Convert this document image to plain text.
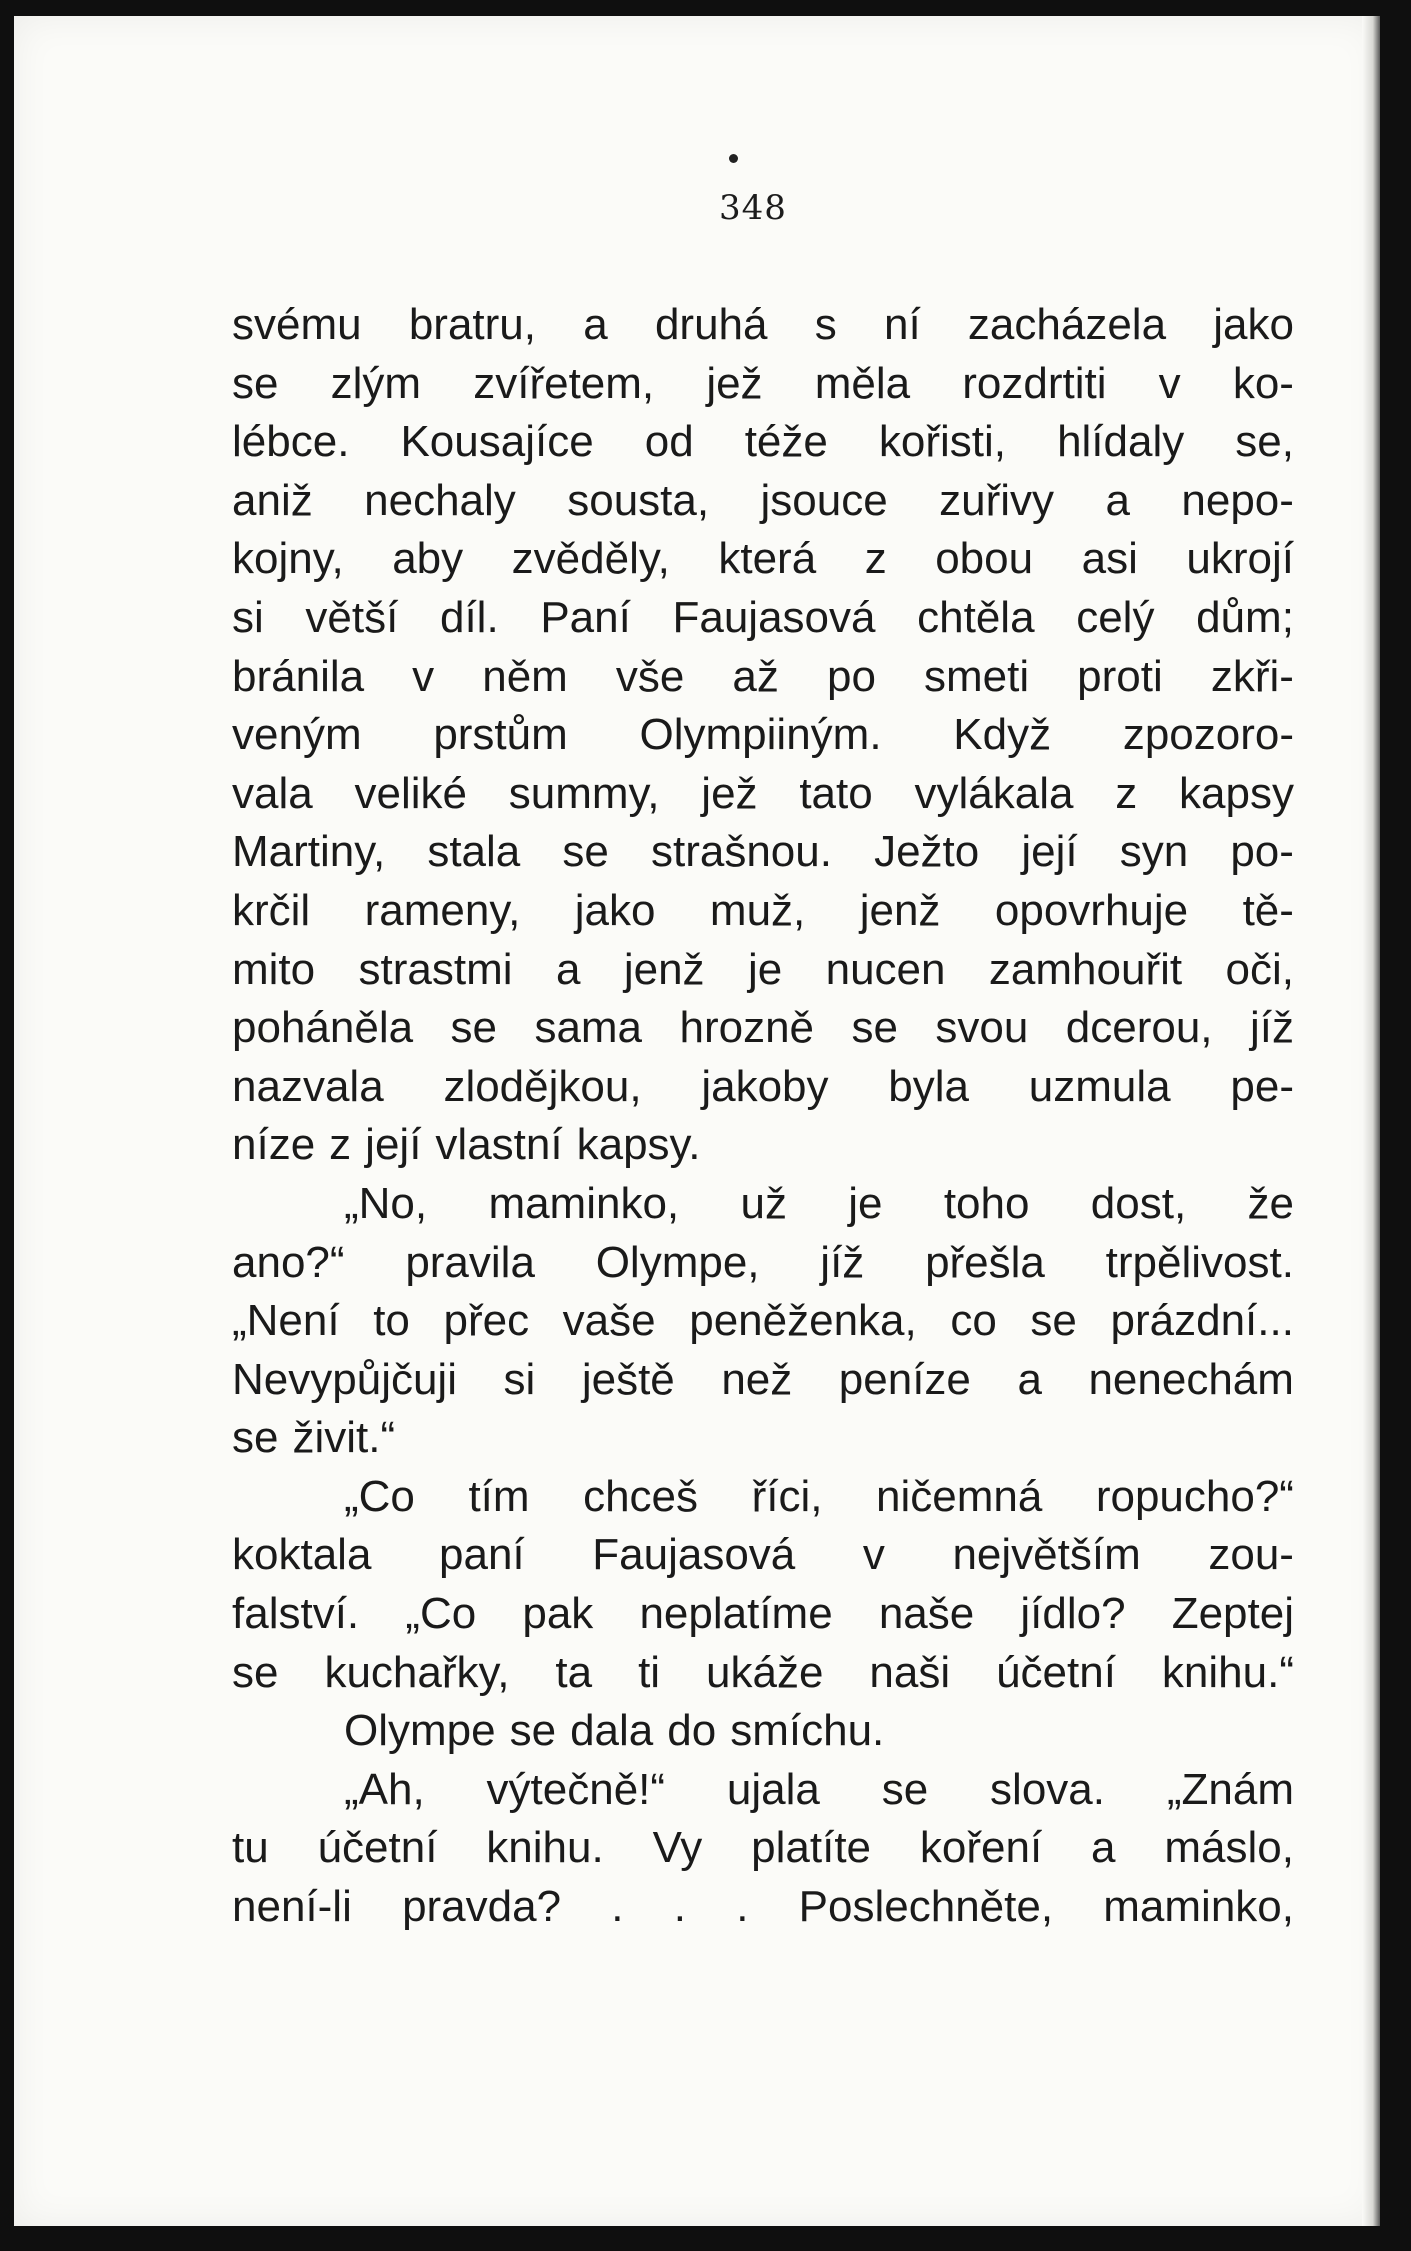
348
svému bratru, a druhá s ní zacházela jako
se zlým zvířetem, jež měla rozdrtiti v ko-
lébce. Kousajíce od téže kořisti, hlídaly se,
aniž nechaly sousta, jsouce zuřivy a nepo-
kojny, aby zvěděly, která z obou asi ukrojí
si větší díl. Paní Faujasová chtěla celý dům;
bránila v něm vše až po smeti proti zkři-
veným prstům Olympiiným. Když zpozoro-
vala veliké summy, jež tato vylákala z kapsy
Martiny, stala se strašnou. Ježto její syn po-
krčil rameny, jako muž, jenž opovrhuje tě-
mito strastmi a jenž je nucen zamhouřit oči,
poháněla se sama hrozně se svou dcerou, jíž
nazvala zlodějkou, jakoby byla uzmula pe-
níze z její vlastní kapsy.
„No, maminko, už je toho dost, že
ano?“ pravila Olympe, jíž přešla trpělivost.
„Není to přec vaše peněženka, co se prázdní...
Nevypůjčuji si ještě než peníze a nenechám
se živit.“
„Co tím chceš říci, ničemná ropucho?“
koktala paní Faujasová v největším zou-
falství. „Co pak neplatíme naše jídlo? Zeptej
se kuchařky, ta ti ukáže naši účetní knihu.“
Olympe se dala do smíchu.
„Ah, výtečně!“ ujala se slova. „Znám
tu účetní knihu. Vy platíte koření a máslo,
není-li pravda? . . . Poslechněte, maminko,
